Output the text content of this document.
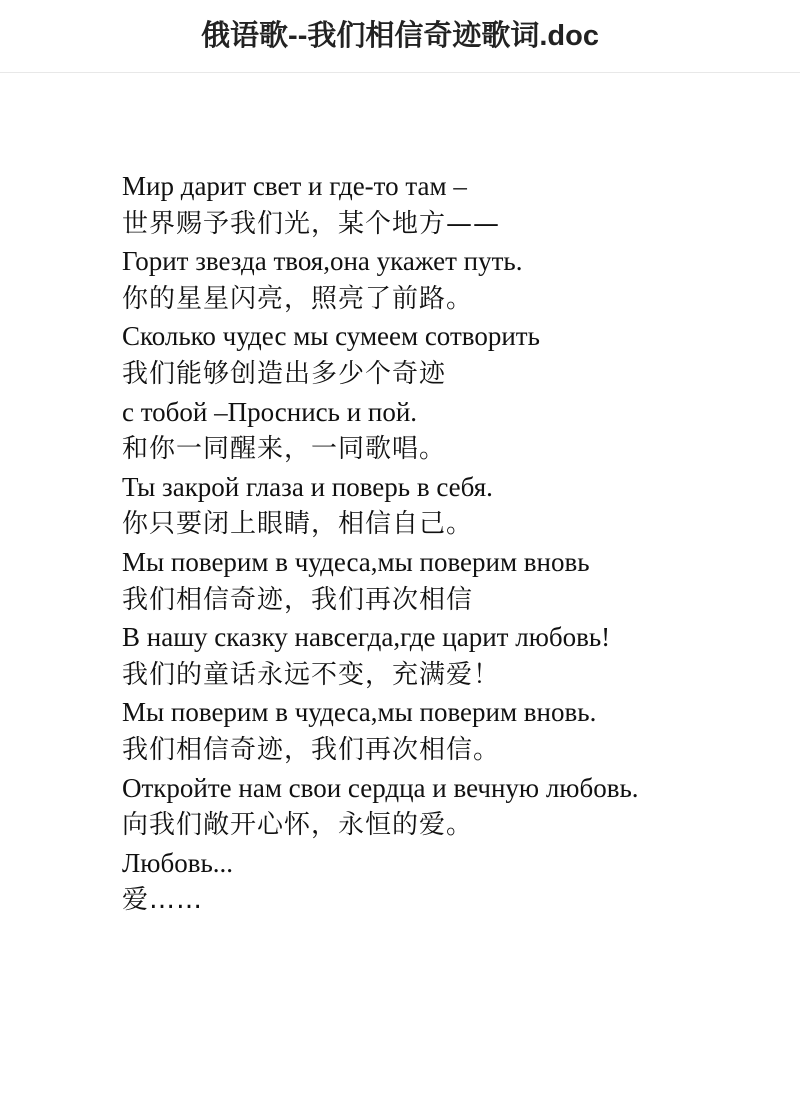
俄语歌--我们相信奇迹歌词.doc

Мир дарит свет и где-то там –

世界赐予我们光，某个地方——

Горит звезда твоя,она укажет путь.

你的星星闪亮，照亮了前路。

Сколько чудес мы сумеем сотворить

我们能够创造出多少个奇迹

с тобой –Проснись и пой.

和你一同醒来，一同歌唱。

Ты закрой глаза и поверь в себя.

你只要闭上眼睛，相信自己。

Мы поверим в чудеса,мы поверим вновь

我们相信奇迹，我们再次相信

В нашу сказку навсегда,где царит любовь!

我们的童话永远不变，充满爱！

Мы поверим в чудеса,мы поверим вновь.

我们相信奇迹，我们再次相信。

Откройте нам свои сердца и вечную любовь.

向我们敞开心怀，永恒的爱。

Любовь...

爱……
